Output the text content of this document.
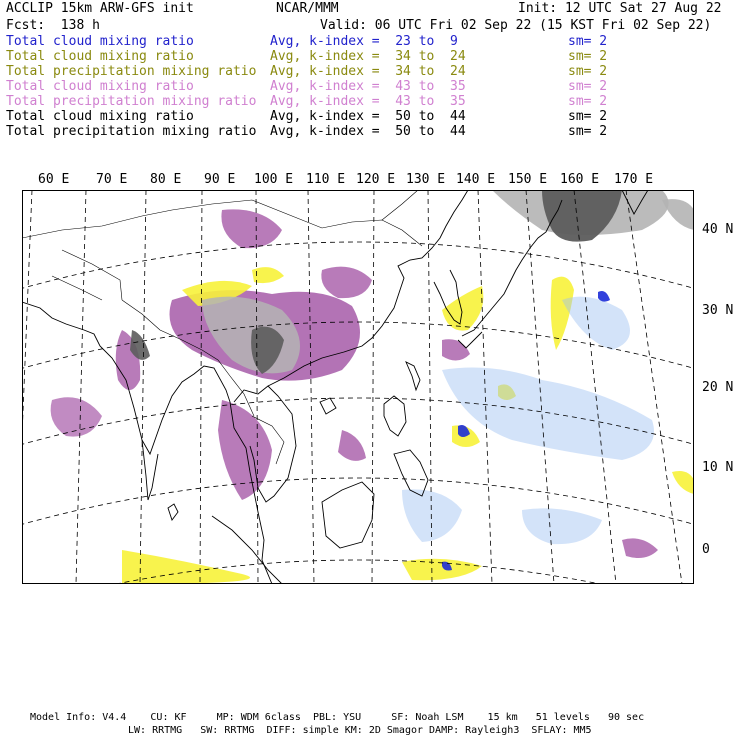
ACCLIP 15km ARW-GFS init	NCAR/MMM	Init: 12 UTC Sat 27 Aug 22
Fcst:  138 h	Valid: 06 UTC Fri 02 Sep 22 (15 KST Fri 02 Sep 22)
Total cloud mixing ratio	Avg, k-index =  23 to  9	sm= 2
Total cloud mixing ratio	Avg, k-index =  34 to  24	sm= 2
Total precipitation mixing ratio Avg, k-index =  34 to  24	sm= 2
Total cloud mixing ratio	Avg, k-index =  43 to  35	sm= 2
Total precipitation mixing ratio Avg, k-index =  43 to  35	sm= 2
Total cloud mixing ratio	Avg, k-index =  50 to  44	sm= 2
Total precipitation mixing ratio Avg, k-index =  50 to  44	sm= 2
60 E 70 E 80 E 90 E 100 E 110 E 120 E 130 E 140 E 150 E 160 E 170 E
40 N
30 N
20 N
10 N
0
Model Info: V4.4    CU: KF     MP: WDM 6class  PBL: YSU     SF: Noah LSM    15 km   51 levels   90 sec
LW: RRTMG   SW: RRTMG  DIFF: simple KM: 2D Smagor DAMP: Rayleigh3  SFLAY: MM5
